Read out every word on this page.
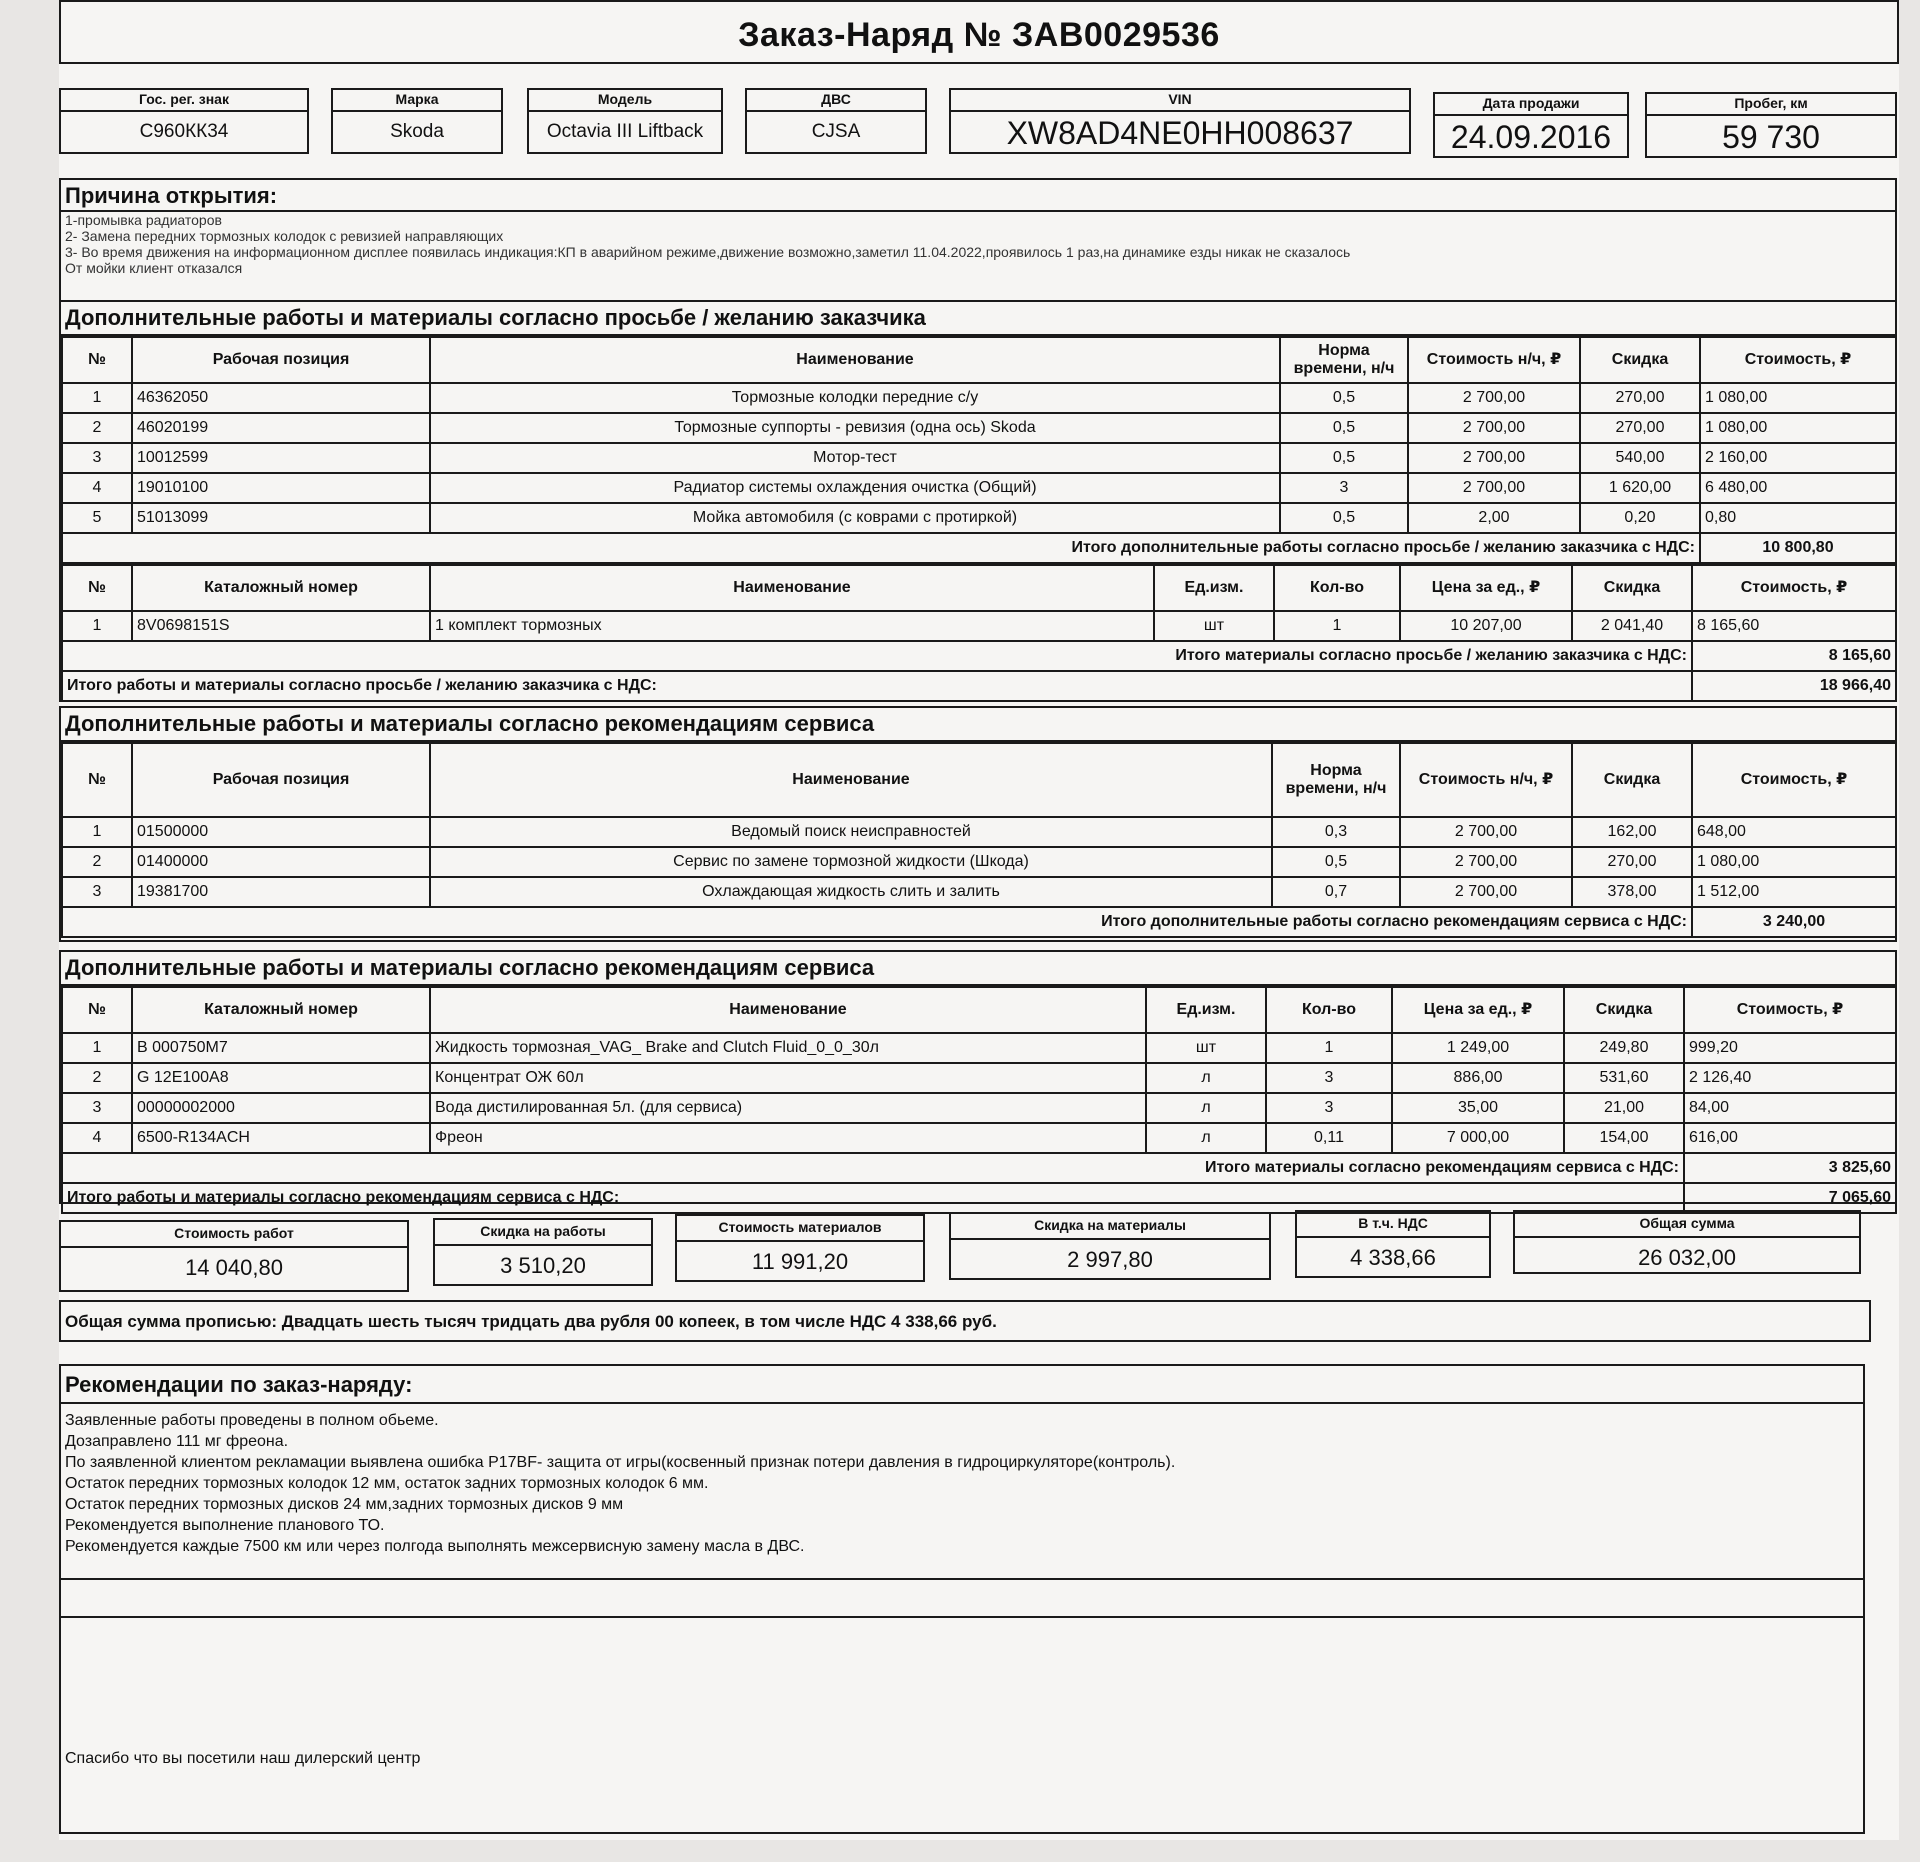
Заказ-Наряд № ЗАВ0029536
Гос. рег. знак
С960КК34
Марка
Skoda
Модель
Octavia III Liftback
ДВС
CJSA
VIN
XW8AD4NE0HH008637
Дата продажи
24.09.2016
Пробег, км
59 730
Причина открытия:
1-промывка радиаторов
2- Замена передних тормозных колодок с ревизией направляющих
3- Во время движения на информационном дисплее появилась индикация:КП в аварийном режиме,движение возможно,заметил 11.04.2022,проявилось 1 раз,на динамике езды никак не сказалось
От мойки клиент отказался
Дополнительные работы и материалы согласно просьбе / желанию заказчика
№	Рабочая позиция	Наименование	Норма времени, н/ч	Стоимость н/ч, ₽	Скидка	Стоимость, ₽
1	46362050	Тормозные колодки передние с/у	0,5	2 700,00	270,00	1 080,00
2	46020199	Тормозные суппорты - ревизия (одна ось) Skoda	0,5	2 700,00	270,00	1 080,00
3	10012599	Мотор-тест	0,5	2 700,00	540,00	2 160,00
4	19010100	Радиатор системы охлаждения очистка (Общий)	3	2 700,00	1 620,00	6 480,00
5	51013099	Мойка автомобиля (с коврами с протиркой)	0,5	2,00	0,20	0,80
Итого дополнительные работы согласно просьбе / желанию заказчика с НДС:						10 800,80
№	Каталожный номер	Наименование	Ед.изм.	Кол-во	Цена за ед., ₽	Скидка	Стоимость, ₽
1	8V0698151S	1 комплект тормозных	шт	1	10 207,00	2 041,40	8 165,60
Итого материалы согласно просьбе / желанию заказчика с НДС:							8 165,60
Итого работы и материалы согласно просьбе / желанию заказчика с НДС:							18 966,40
Дополнительные работы и материалы согласно рекомендациям сервиса
№	Рабочая позиция	Наименование	Норма времени, н/ч	Стоимость н/ч, ₽	Скидка	Стоимость, ₽
1	01500000	Ведомый поиск неисправностей	0,3	2 700,00	162,00	648,00
2	01400000	Сервис по замене тормозной жидкости (Шкода)	0,5	2 700,00	270,00	1 080,00
3	19381700	Охлаждающая жидкость слить и залить	0,7	2 700,00	378,00	1 512,00
Итого дополнительные работы согласно рекомендациям сервиса с НДС:						3 240,00
Дополнительные работы и материалы согласно рекомендациям сервиса
№	Каталожный номер	Наименование	Ед.изм.	Кол-во	Цена за ед., ₽	Скидка	Стоимость, ₽
1	B 000750M7	Жидкость тормозная_VAG_ Brake and Clutch Fluid_0_0_30л	шт	1	1 249,00	249,80	999,20
2	G 12E100A8	Концентрат ОЖ 60л	л	3	886,00	531,60	2 126,40
3	00000002000	Вода дистилированная 5л. (для сервиса)	л	3	35,00	21,00	84,00
4	6500-R134ACH	Фреон	л	0,11	7 000,00	154,00	616,00
Итого материалы согласно рекомендациям сервиса с НДС:							3 825,60
Итого работы и материалы согласно рекомендациям сервиса с НДС:							7 065,60
Стоимость работ
14 040,80
Скидка на работы
3 510,20
Стоимость материалов
11 991,20
Скидка на материалы
2 997,80
В т.ч. НДС
4 338,66
Общая сумма
26 032,00
Общая сумма прописью: Двадцать шесть тысяч тридцать два рубля 00 копеек, в том числе НДС 4 338,66 руб.
Рекомендации по заказ-наряду:
Заявленные работы проведены в полном обьеме.
Дозаправлено 111 мг фреона.
По заявленной клиентом рекламации выявлена ошибка Р17BF- защита от игры(косвенный признак потери давления в гидроциркуляторе(контроль).
Остаток передних тормозных колодок 12 мм, остаток задних тормозных колодок 6 мм.
Остаток передних тормозных дисков 24 мм,задних тормозных дисков 9 мм
Рекомендуется выполнение планового ТО.
Рекомендуется каждые 7500 км или через полгода выполнять межсервисную замену масла в ДВС.
Спасибо что вы посетили наш дилерский центр
